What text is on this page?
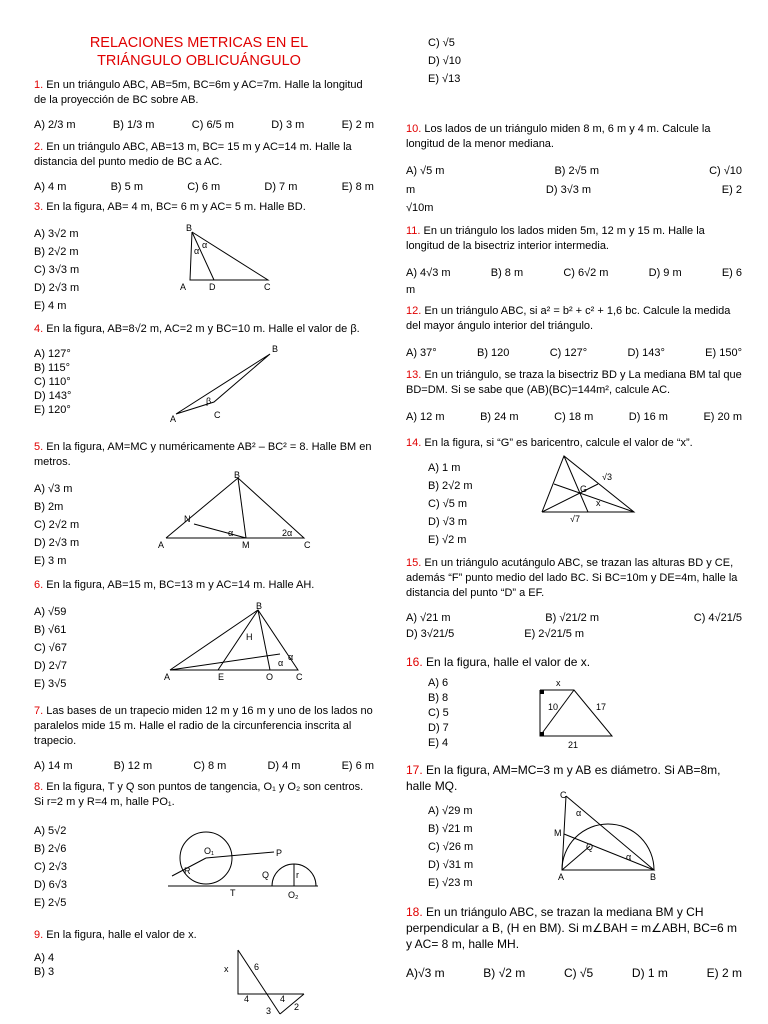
RELACIONES METRICAS EN EL
TRIÁNGULO OBLICUÁNGULO
1. En un triángulo ABC, AB=5m, BC=6m y AC=7m. Halle la longitud de la proyección de BC sobre AB.
A) 2/3 m	B) 1/3 m	C) 6/5 m	D) 3 m	E) 2 m
2. En un triángulo ABC, AB=13 m, BC= 15 m y AC=14 m. Halle la distancia del punto medio de BC a AC.
A) 4 m	B) 5 m	C) 6 m	D) 7 m	E) 8 m
3. En la figura, AB= 4 m, BC= 6 m y AC= 5 m. Halle BD.
A) 3√2 m
B) 2√2 m
C) 3√3 m
D) 2√3 m
E) 4 m
B
A	D	C
α
α
4. En la figura, AB=8√2 m, AC=2 m y BC=10 m. Halle el valor de β.
A) 127°
B) 115°
C) 110°
D) 143°
E) 120°
B
A	C
β
5. En la figura, AM=MC y numéricamente AB² – BC² = 8. Halle BM en metros.
A) √3 m
B) 2m
C) 2√2 m
D) 2√3 m
E) 3 m
B
A	M	C
N
α	2α
6. En la figura, AB=15 m, BC=13 m y AC=14 m. Halle AH.
A) √59
B) √61
C) √67
D) 2√7
E) 3√5
B
A	E	O	C
H
α
α
7. Las bases de un trapecio miden 12 m y 16 m y uno de los lados no paralelos mide 15 m. Halle el radio de la circunferencia inscrita al trapecio.
A) 14 m	B) 12 m	C) 8 m	D) 4 m	E) 6 m
8. En la figura, T y Q son puntos de tangencia, O₁ y O₂ son centros. Si r=2 m y R=4 m, halle PO₁.
A) 5√2
B) 2√6
C) 2√3
D) 6√3
E) 2√5
O₁	P
R	Q	r
T	O₂
9. En la figura, halle el valor de x.
A) 4
B) 3	x	6
4	4
3	2
C) √5
D) √10
E) √13
10. Los lados de un triángulo miden 8 m, 6 m y 4 m. Calcule la longitud de la menor mediana.
A) √5 m	B) 2√5 m	C) √10
m	D) 3√3 m	E) 2
√10m
11. En un triángulo los lados miden 5m, 12 m y 15 m. Halle la longitud de la bisectriz interior intermedia.
A) 4√3 m	B) 8 m	C) 6√2 m	D) 9 m	E) 6
m
12. En un triángulo ABC, si a² = b² + c² + 1,6 bc. Calcule la medida del mayor ángulo interior del triángulo.
A) 37°	B) 120	C) 127°	D) 143°	E) 150°
13. En un triángulo, se traza la bisectriz BD y La mediana BM tal que BD=DM. Si se sabe que (AB)(BC)=144m², calcule AC.
A) 12 m	B) 24 m	C) 18 m	D) 16 m	E) 20 m
14. En la figura, si “G” es baricentro, calcule el valor de “x”.
A) 1 m
B) 2√2 m
C) √5 m
D) √3 m
E) √2 m
G
x
√3
√7
15. En un triángulo acutángulo ABC, se trazan las alturas BD y CE, además “F” punto medio del lado BC. Si BC=10m y DE=4m, halle la distancia del punto “D” a EF.
A) √21 m	B) √21/2 m	C) 4√21/5
D) 3√21/5	E) 2√21/5 m
16. En la figura, halle el valor de x.
A) 6
B) 8
C) 5
D) 7
E) 4
x
10	17
21
17. En la figura, AM=MC=3 m y AB es diámetro. Si AB=8m, halle MQ.
A) √29 m
B) √21 m
C) √26 m
D) √31 m
E) √23 m
C
M
Q
A	B
α
α
18. En un triángulo ABC, se trazan la mediana BM y CH perpendicular a B, (H en BM). Si m∠BAH = m∠ABH, BC=6 m y AC= 8 m, halle MH.
A)√3 m	B) √2 m	C) √5	D) 1 m	E) 2 m
